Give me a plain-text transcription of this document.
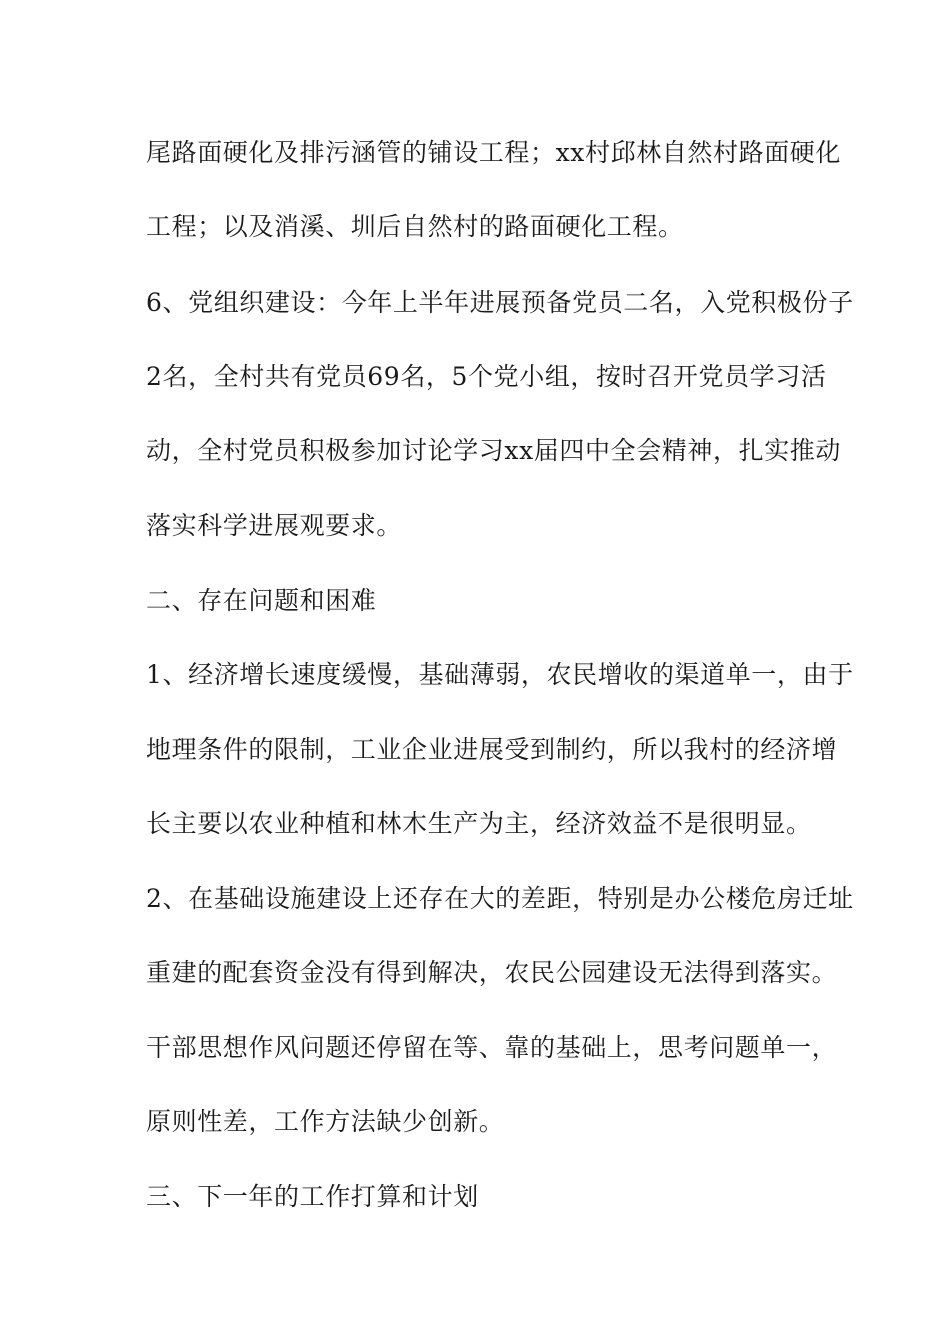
尾路面硬化及排污涵管的铺设工程；xx村邱林自然村路面硬化
工程；以及消溪、圳后自然村的路面硬化工程。
6、党组织建设：今年上半年进展预备党员二名，入党积极份子
2名，全村共有党员69名，5个党小组，按时召开党员学习活
动，全村党员积极参加讨论学习xx届四中全会精神，扎实推动
落实科学进展观要求。
二、存在问题和困难
1、经济增长速度缓慢，基础薄弱，农民增收的渠道单一，由于
地理条件的限制，工业企业进展受到制约，所以我村的经济增
长主要以农业种植和林木生产为主，经济效益不是很明显。
2、在基础设施建设上还存在大的差距，特别是办公楼危房迁址
重建的配套资金没有得到解决，农民公园建设无法得到落实。
干部思想作风问题还停留在等、靠的基础上，思考问题单一，
原则性差，工作方法缺少创新。
三、下一年的工作打算和计划
